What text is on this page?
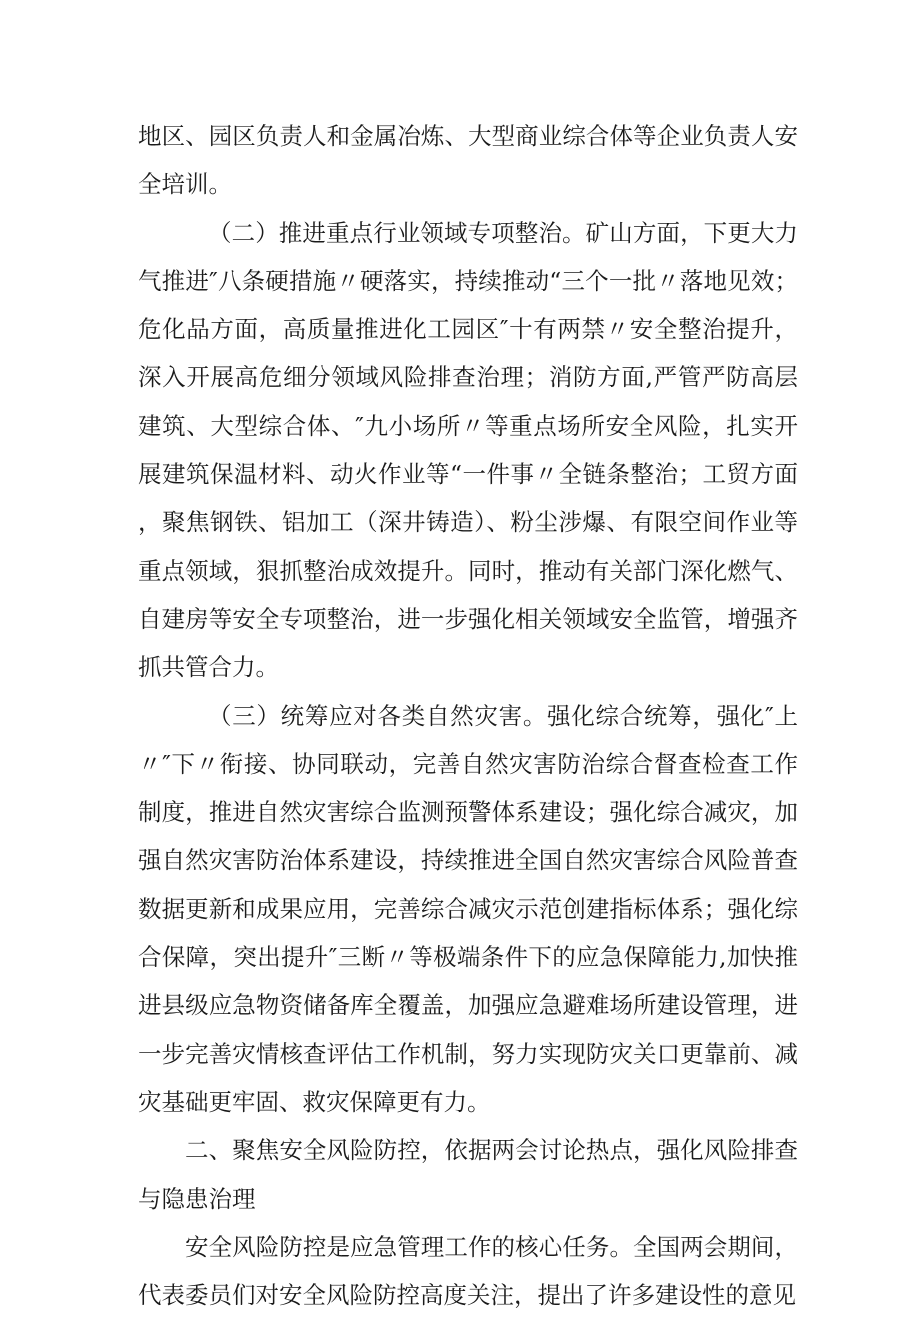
地区、园区负责人和金属冶炼、大型商业综合体等企业负责人安全培训。

（二）推进重点行业领域专项整治。矿山方面，下更大力气推进″八条硬措施〃硬落实，持续推动“三个一批〃落地见效；危化品方面，高质量推进化工园区″十有两禁〃安全整治提升，深入开展高危细分领域风险排查治理；消防方面,严管严防高层建筑、大型综合体、″九小场所〃等重点场所安全风险，扎实开展建筑保温材料、动火作业等“一件事〃全链条整治；工贸方面，聚焦钢铁、铝加工（深井铸造）、粉尘涉爆、有限空间作业等重点领域，狠抓整治成效提升。同时，推动有关部门深化燃气、自建房等安全专项整治，进一步强化相关领域安全监管，增强齐抓共管合力。

（三）统筹应对各类自然灾害。强化综合统筹，强化″上〃″下〃衔接、协同联动，完善自然灾害防治综合督查检查工作制度，推进自然灾害综合监测预警体系建设；强化综合减灾，加强自然灾害防治体系建设，持续推进全国自然灾害综合风险普查数据更新和成果应用，完善综合减灾示范创建指标体系；强化综合保障，突出提升″三断〃等极端条件下的应急保障能力,加快推进县级应急物资储备库全覆盖，加强应急避难场所建设管理，进一步完善灾情核查评估工作机制，努力实现防灾关口更靠前、减灾基础更牢固、救灾保障更有力。

二、聚焦安全风险防控，依据两会讨论热点，强化风险排查与隐患治理

安全风险防控是应急管理工作的核心任务。全国两会期间，代表委员们对安全风险防控高度关注，提出了许多建设性的意见
